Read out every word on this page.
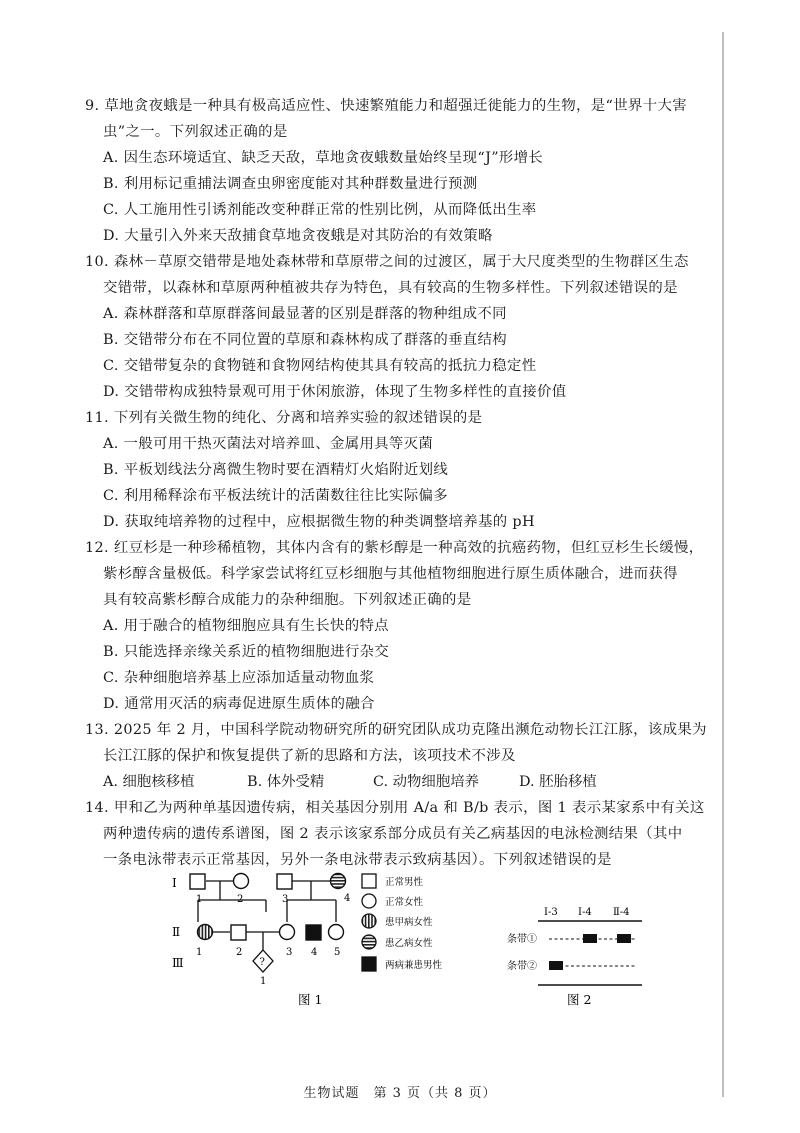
9. 草地贪夜蛾是一种具有极高适应性、快速繁殖能力和超强迁徙能力的生物，是“世界十大害
虫”之一。下列叙述正确的是
A. 因生态环境适宜、缺乏天敌，草地贪夜蛾数量始终呈现“J”形增长
B. 利用标记重捕法调查虫卵密度能对其种群数量进行预测
C. 人工施用性引诱剂能改变种群正常的性别比例，从而降低出生率
D. 大量引入外来天敌捕食草地贪夜蛾是对其防治的有效策略
10. 森林－草原交错带是地处森林带和草原带之间的过渡区，属于大尺度类型的生物群区生态
交错带，以森林和草原两种植被共存为特色，具有较高的生物多样性。下列叙述错误的是
A. 森林群落和草原群落间最显著的区别是群落的物种组成不同
B. 交错带分布在不同位置的草原和森林构成了群落的垂直结构
C. 交错带复杂的食物链和食物网结构使其具有较高的抵抗力稳定性
D. 交错带构成独特景观可用于休闲旅游，体现了生物多样性的直接价值
11. 下列有关微生物的纯化、分离和培养实验的叙述错误的是
A. 一般可用干热灭菌法对培养皿、金属用具等灭菌
B. 平板划线法分离微生物时要在酒精灯火焰附近划线
C. 利用稀释涂布平板法统计的活菌数往往比实际偏多
D. 获取纯培养物的过程中，应根据微生物的种类调整培养基的 pH
12. 红豆杉是一种珍稀植物，其体内含有的紫杉醇是一种高效的抗癌药物，但红豆杉生长缓慢，
紫杉醇含量极低。科学家尝试将红豆杉细胞与其他植物细胞进行原生质体融合，进而获得
具有较高紫杉醇合成能力的杂种细胞。下列叙述正确的是
A. 用于融合的植物细胞应具有生长快的特点
B. 只能选择亲缘关系近的植物细胞进行杂交
C. 杂种细胞培养基上应添加适量动物血浆
D. 通常用灭活的病毒促进原生质体的融合
13. 2025 年 2 月，中国科学院动物研究所的研究团队成功克隆出濒危动物长江江豚，该成果为
长江江豚的保护和恢复提供了新的思路和方法，该项技术不涉及
A. 细胞核移植	B. 体外受精	C. 动物细胞培养	D. 胚胎移植
14. 甲和乙为两种单基因遗传病，相关基因分别用 A/a 和 B/b 表示，图 1 表示某家系中有关这
两种遗传病的遗传系谱图，图 2 表示该家系部分成员有关乙病基因的电泳检测结果（其中
一条电泳带表示正常基因，另外一条电泳带表示致病基因）。下列叙述错误的是
Ⅰ
Ⅱ
Ⅲ
1	2	3	4
1	2	3 4 5
?
1
正常男性
正常女性
患甲病女性
患乙病女性
两病兼患男性
图 1
Ⅰ-3 Ⅰ-4 Ⅱ-4
条带①
条带②
图 2
生物试题　第 3 页（共 8 页）
